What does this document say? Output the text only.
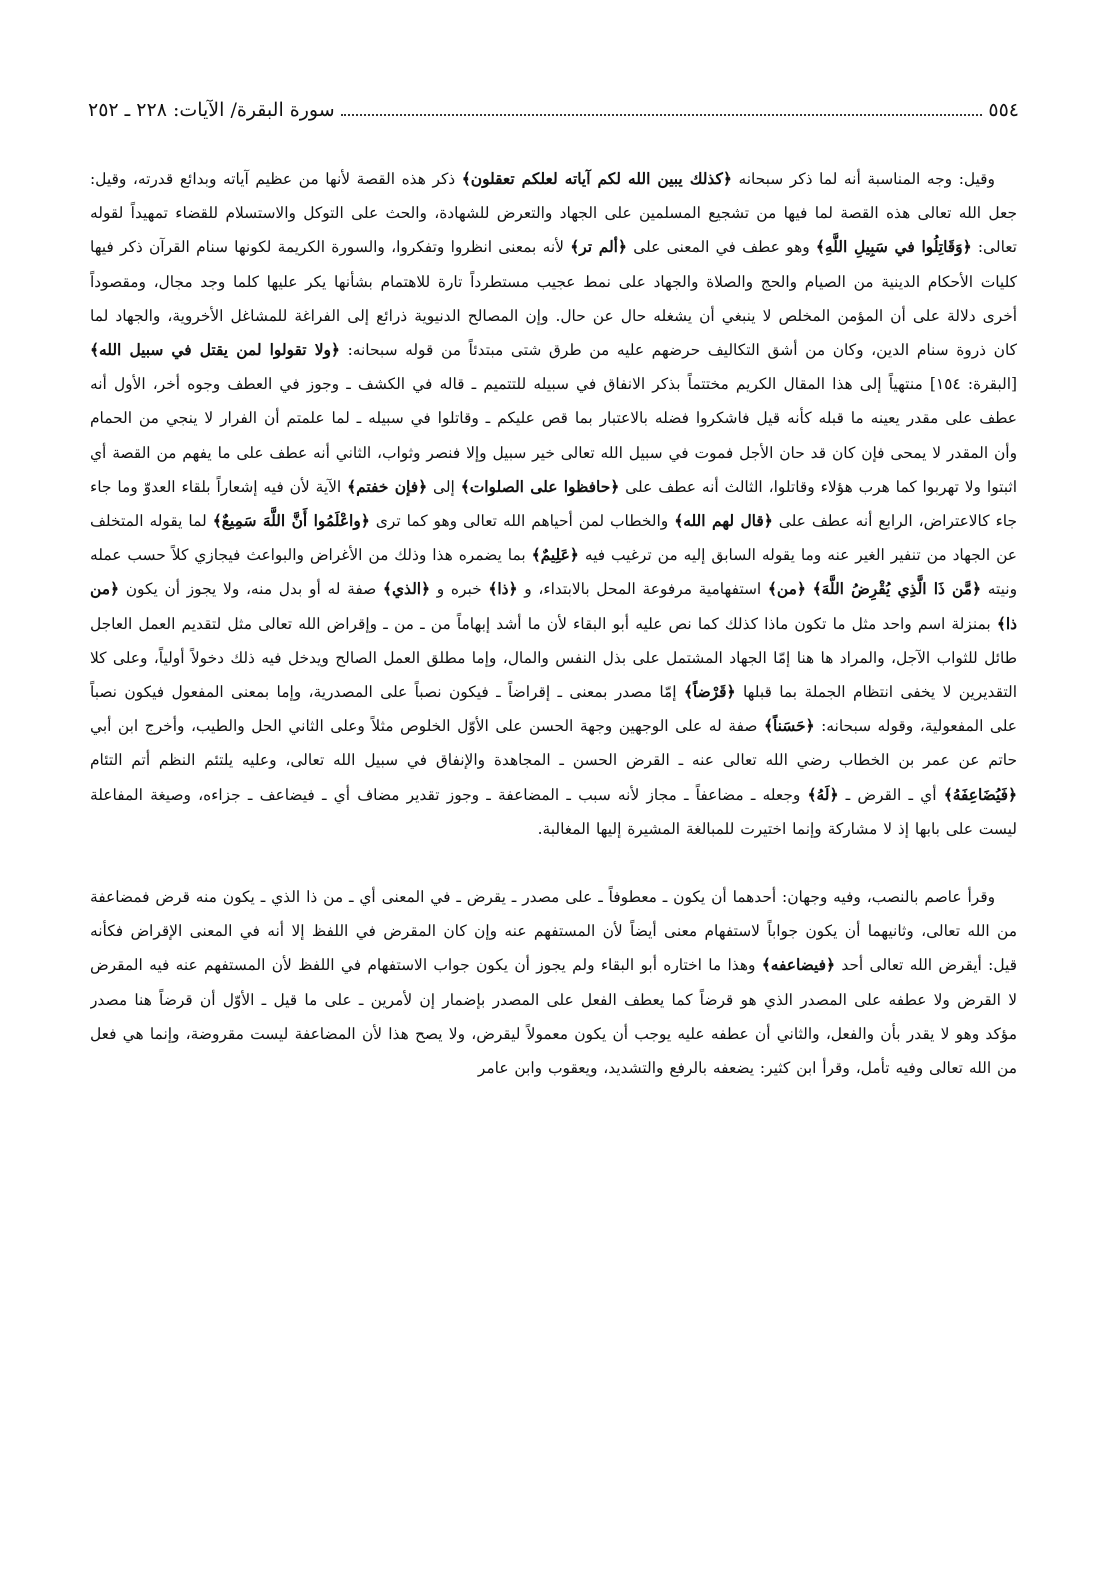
٥٥٤
سورة البقرة/ الآيات: ٢٢٨ ـ ٢٥٢

وقيل: وجه المناسبة أنه لما ذكر سبحانه ﴿كذلك يبين الله لكم آياته لعلكم تعقلون﴾ ذكر هذه القصة لأنها من عظيم آياته وبدائع قدرته، وقيل: جعل الله تعالى هذه القصة لما فيها من تشجيع المسلمين على الجهاد والتعرض للشهادة، والحث على التوكل والاستسلام للقضاء تمهيداً لقوله تعالى: ﴿وَقَاتِلُوا في سَبِيلِ اللَّهِ﴾ وهو عطف في المعنى على ﴿ألم تر﴾ لأنه بمعنى انظروا وتفكروا، والسورة الكريمة لكونها سنام القرآن ذكر فيها كليات الأحكام الدينية من الصيام والحج والصلاة والجهاد على نمط عجيب مستطرداً تارة للاهتمام بشأنها يكر عليها كلما وجد مجال، ومقصوداً أخرى دلالة على أن المؤمن المخلص لا ينبغي أن يشغله حال عن حال. وإن المصالح الدنيوية ذرائع إلى الفراغة للمشاغل الأخروية، والجهاد لما كان ذروة سنام الدين، وكان من أشق التكاليف حرضهم عليه من طرق شتى مبتدئاً من قوله سبحانه: ﴿ولا تقولوا لمن يقتل في سبيل الله﴾ [البقرة: ١٥٤] منتهياً إلى هذا المقال الكريم مختتماً بذكر الانفاق في سبيله للتتميم ـ قاله في الكشف ـ وجوز في العطف وجوه أخر، الأول أنه عطف على مقدر يعينه ما قبله كأنه قيل فاشكروا فضله بالاعتبار بما قص عليكم ـ وقاتلوا في سبيله ـ لما علمتم أن الفرار لا ينجي من الحمام وأن المقدر لا يمحى فإن كان قد حان الأجل فموت في سبيل الله تعالى خير سبيل وإلا فنصر وثواب، الثاني أنه عطف على ما يفهم من القصة أي اثبتوا ولا تهربوا كما هرب هؤلاء وقاتلوا، الثالث أنه عطف على ﴿حافظوا على الصلوات﴾ إلى ﴿فإن خفتم﴾ الآية لأن فيه إشعاراً بلقاء العدوّ وما جاء جاء كالاعتراض، الرابع أنه عطف على ﴿قال لهم الله﴾ والخطاب لمن أحياهم الله تعالى وهو كما ترى ﴿واعْلَمُوا أَنَّ اللَّهَ سَمِيعٌ﴾ لما يقوله المتخلف عن الجهاد من تنفير الغير عنه وما يقوله السابق إليه من ترغيب فيه ﴿عَلِيمٌ﴾ بما يضمره هذا وذلك من الأغراض والبواعث فيجازي كلاً حسب عمله ونيته ﴿مَّن ذَا الَّذِي يُقْرِضُ اللَّهَ﴾ ﴿من﴾ استفهامية مرفوعة المحل بالابتداء، و ﴿ذا﴾ خبره و ﴿الذي﴾ صفة له أو بدل منه، ولا يجوز أن يكون ﴿من ذا﴾ بمنزلة اسم واحد مثل ما تكون ماذا كذلك كما نص عليه أبو البقاء لأن ما أشد إبهاماً من ـ من ـ وإقراض الله تعالى مثل لتقديم العمل العاجل طائل للثواب الآجل، والمراد ها هنا إمّا الجهاد المشتمل على بذل النفس والمال، وإما مطلق العمل الصالح ويدخل فيه ذلك دخولاً أولياً، وعلى كلا التقديرين لا يخفى انتظام الجملة بما قبلها ﴿قَرْضاً﴾ إمّا مصدر بمعنى ـ إقراضاً ـ فيكون نصباً على المصدرية، وإما بمعنى المفعول فيكون نصباً على المفعولية، وقوله سبحانه: ﴿حَسَناً﴾ صفة له على الوجهين وجهة الحسن على الأوّل الخلوص مثلاً وعلى الثاني الحل والطيب، وأخرج ابن أبي حاتم عن عمر بن الخطاب رضي الله تعالى عنه ـ القرض الحسن ـ المجاهدة والإنفاق في سبيل الله تعالى، وعليه يلتئم النظم أتم التئام ﴿فَيُضَاعِفَهُ﴾ أي ـ القرض ـ ﴿لَهُ﴾ وجعله ـ مضاعفاً ـ مجاز لأنه سبب ـ المضاعفة ـ وجوز تقدير مضاف أي ـ فيضاعف ـ جزاءه، وصيغة المفاعلة ليست على بابها إذ لا مشاركة وإنما اختيرت للمبالغة المشيرة إليها المغالبة.

وقرأ عاصم بالنصب، وفيه وجهان: أحدهما أن يكون ـ معطوفاً ـ على مصدر ـ يقرض ـ في المعنى أي ـ من ذا الذي ـ يكون منه قرض فمضاعفة من الله تعالى، وثانيهما أن يكون جواباً لاستفهام معنى أيضاً لأن المستفهم عنه وإن كان المقرض في اللفظ إلا أنه في المعنى الإقراض فكأنه قيل: أيقرض الله تعالى أحد ﴿فيضاعفه﴾ وهذا ما اختاره أبو البقاء ولم يجوز أن يكون جواب الاستفهام في اللفظ لأن المستفهم عنه فيه المقرض لا القرض ولا عطفه على المصدر الذي هو قرضاً كما يعطف الفعل على المصدر بإضمار إن لأمرين ـ على ما قيل ـ الأوّل أن قرضاً هنا مصدر مؤكد وهو لا يقدر بأن والفعل، والثاني أن عطفه عليه يوجب أن يكون معمولاً ليقرض، ولا يصح هذا لأن المضاعفة ليست مقروضة، وإنما هي فعل من الله تعالى وفيه تأمل، وقرأ ابن كثير: يضعفه بالرفع والتشديد، ويعقوب وابن عامر
